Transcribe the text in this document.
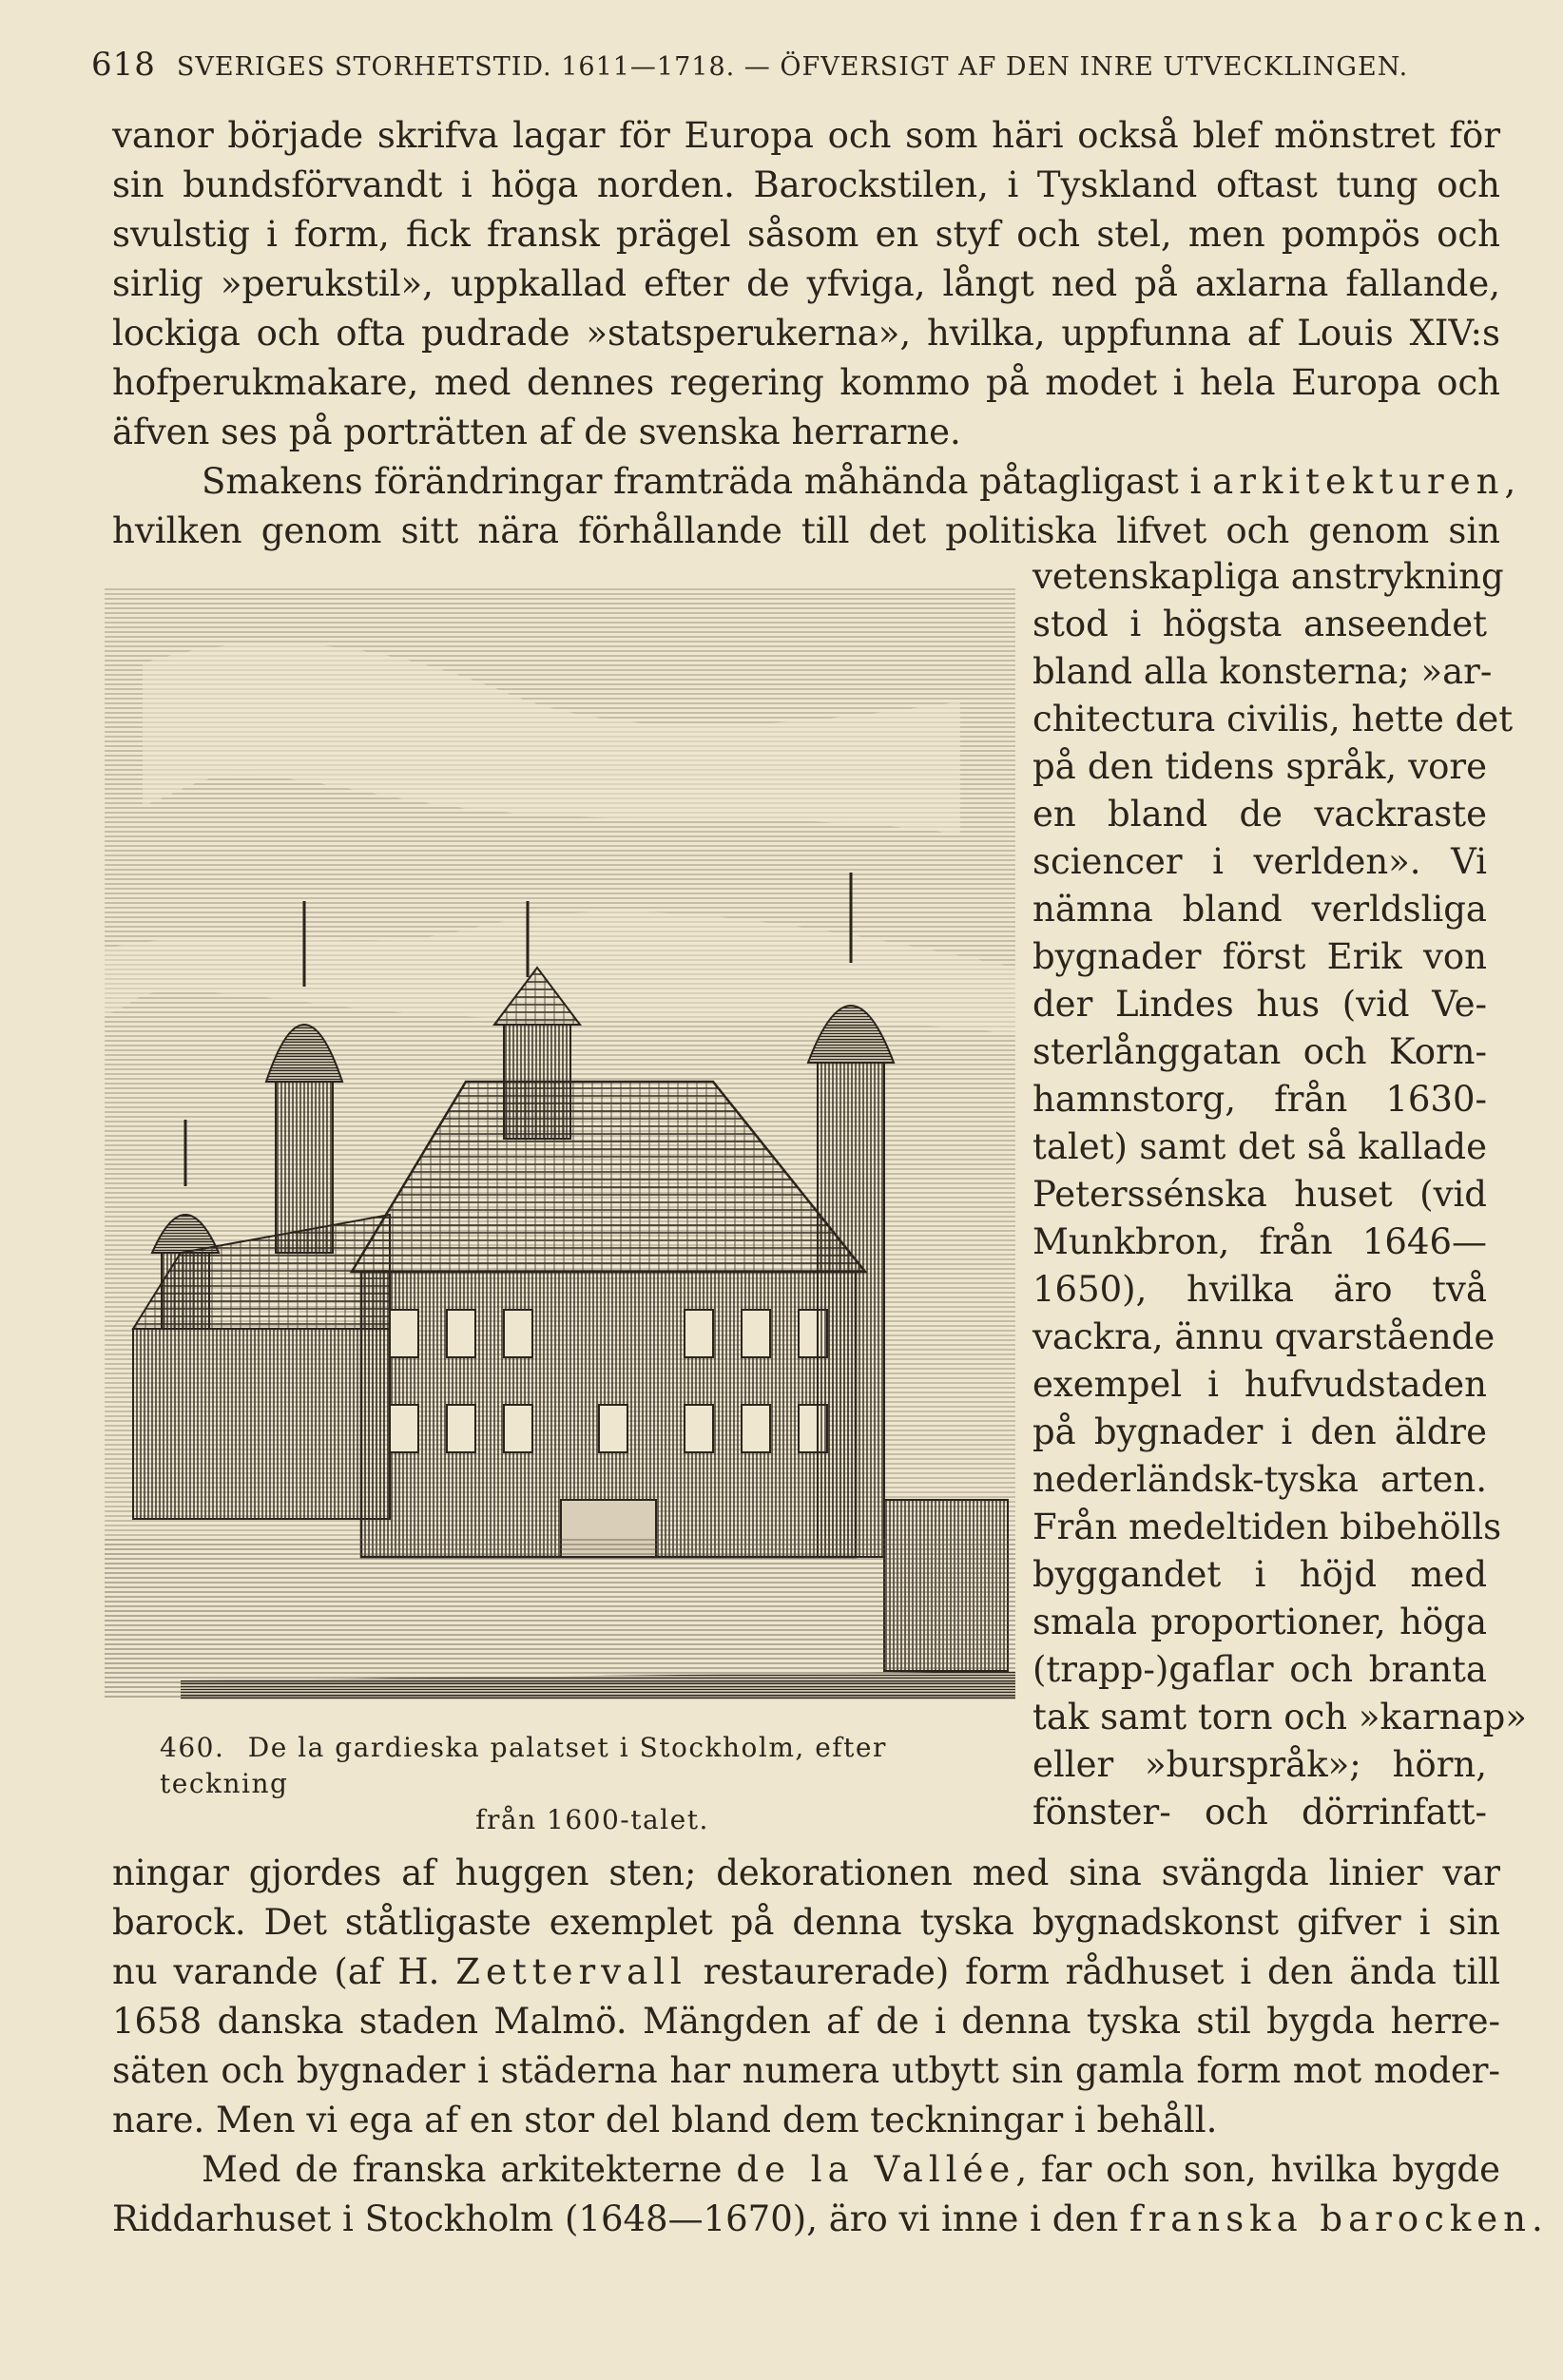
618 SVERIGES STORHETSTID. 1611—1718. — ÖFVERSIGT AF DEN INRE UTVECKLINGEN.
vanor började skrifva lagar för Europa och som häri också blef mönstret för
sin bundsförvandt i höga norden. Barockstilen, i Tyskland oftast tung och
svulstig i form, fick fransk prägel såsom en styf och stel, men pompös och
sirlig »perukstil», uppkallad efter de yfviga, långt ned på axlarna fallande,
lockiga och ofta pudrade »statsperukerna», hvilka, uppfunna af Louis XIV:s
hofperukmakare, med dennes regering kommo på modet i hela Europa och
äfven ses på porträtten af de svenska herrarne.
Smakens förändringar framträda måhända påtagligast i arkitekturen,
hvilken genom sitt nära förhållande till det politiska lifvet och genom sin
vetenskapliga anstrykning
stod i högsta anseendet
bland alla konsterna; »ar-
chitectura civilis, hette det
på den tidens språk, vore
en bland de vackraste
sciencer i verlden». Vi
nämna bland verldsliga
bygnader först Erik von
der Lindes hus (vid Ve-
sterlånggatan och Korn-
hamnstorg, från 1630-
talet) samt det så kallade
Peterssénska huset (vid
Munkbron, från 1646—
1650), hvilka äro två
vackra, ännu qvarstående
exempel i hufvudstaden
på bygnader i den äldre
nederländsk-tyska arten.
Från medeltiden bibehölls
byggandet i höjd med
smala proportioner, höga
(trapp-)gaflar och branta
tak samt torn och »karnap»
eller »burspråk»; hörn,
fönster- och dörrinfatt-
460. De la gardieska palatset i Stockholm, efter teckning
från 1600-talet.
ningar gjordes af huggen sten; dekorationen med sina svängda linier var
barock. Det ståtligaste exemplet på denna tyska bygnadskonst gifver i sin
nu varande (af H. Zettervall restaurerade) form rådhuset i den ända till
1658 danska staden Malmö. Mängden af de i denna tyska stil bygda herre-
säten och bygnader i städerna har numera utbytt sin gamla form mot moder-
nare. Men vi ega af en stor del bland dem teckningar i behåll.
Med de franska arkitekterne de la Vallée, far och son, hvilka bygde
Riddarhuset i Stockholm (1648—1670), äro vi inne i den franska barocken.
